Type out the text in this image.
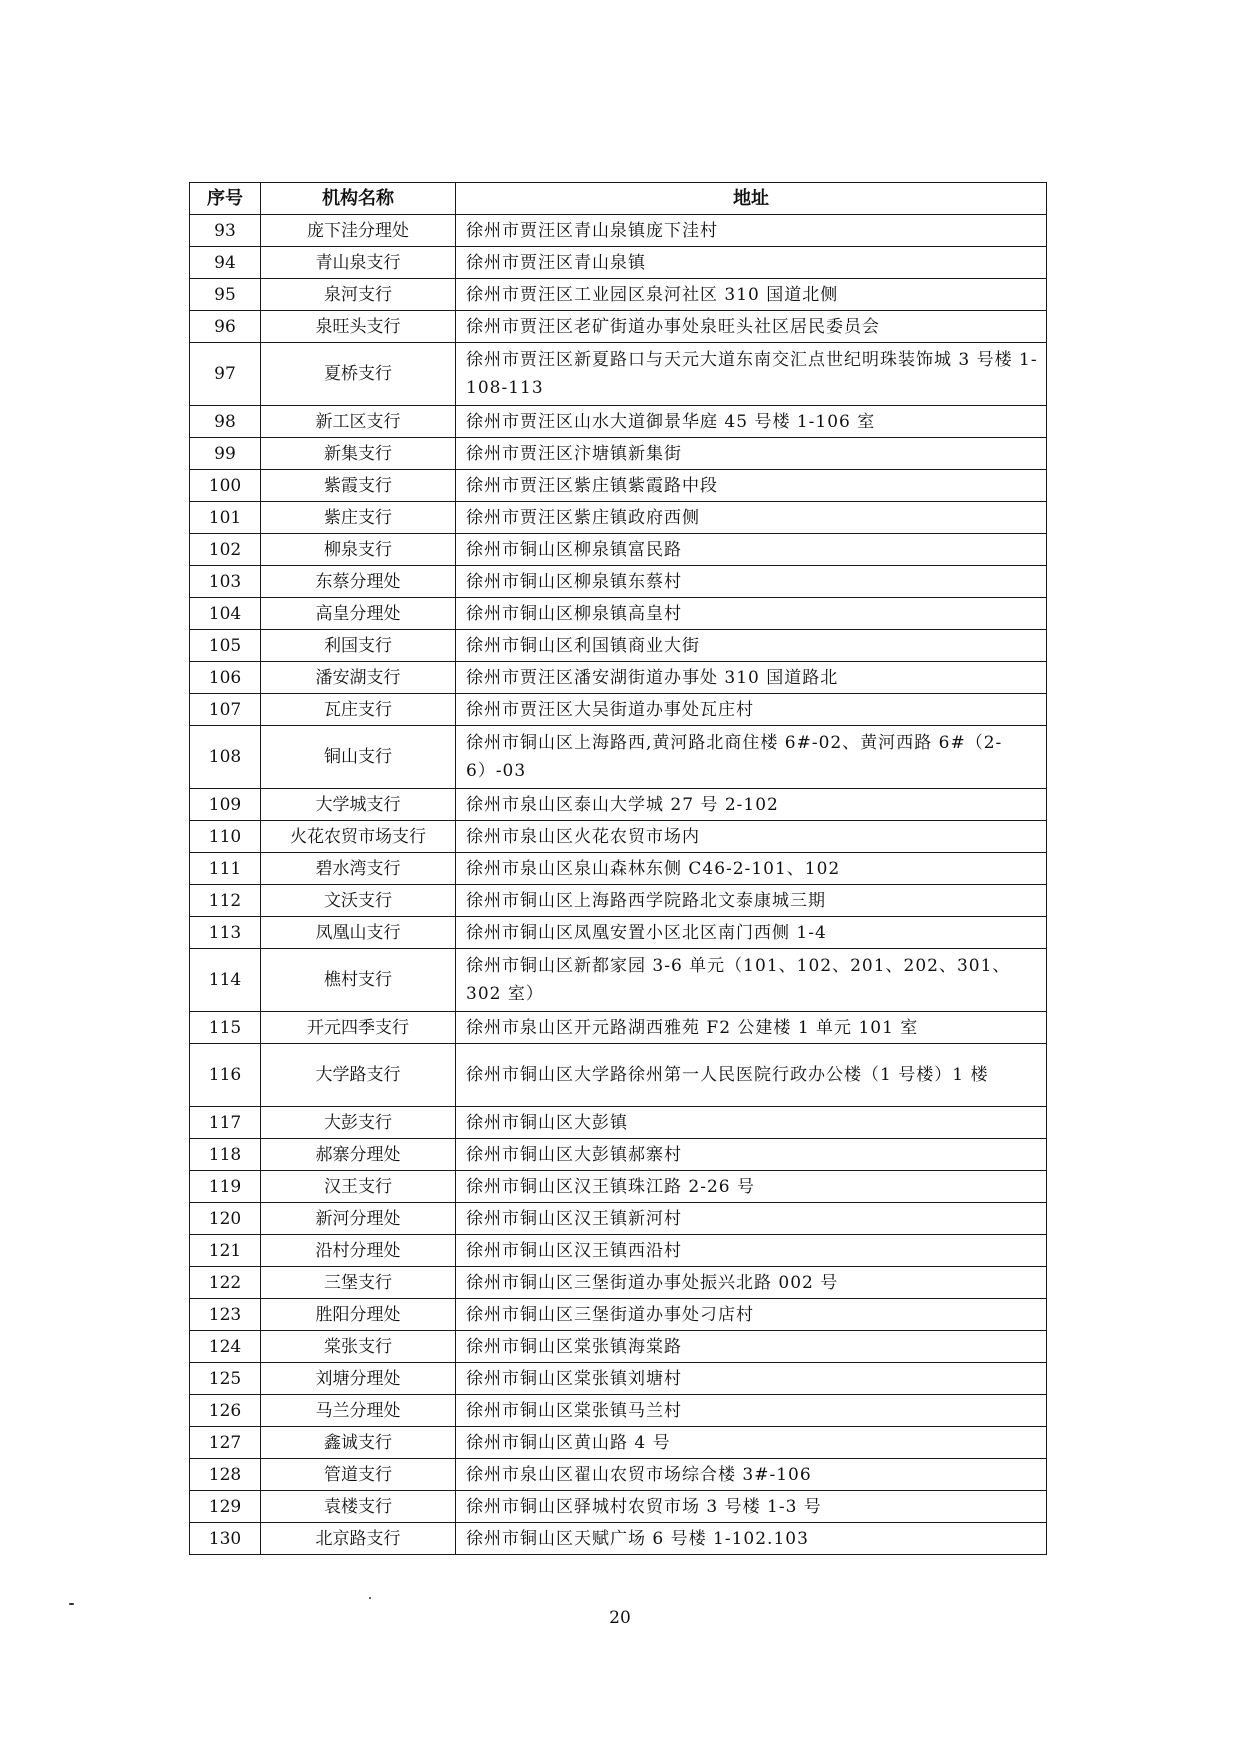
序号	机构名称	地址
93	庞下洼分理处	徐州市贾汪区青山泉镇庞下洼村
94	青山泉支行	徐州市贾汪区青山泉镇
95	泉河支行	徐州市贾汪区工业园区泉河社区 310 国道北侧
96	泉旺头支行	徐州市贾汪区老矿街道办事处泉旺头社区居民委员会
97	夏桥支行	徐州市贾汪区新夏路口与天元大道东南交汇点世纪明珠装饰城 3 号楼 1-108-113
98	新工区支行	徐州市贾汪区山水大道御景华庭 45 号楼 1-106 室
99	新集支行	徐州市贾汪区汴塘镇新集街
100	紫霞支行	徐州市贾汪区紫庄镇紫霞路中段
101	紫庄支行	徐州市贾汪区紫庄镇政府西侧
102	柳泉支行	徐州市铜山区柳泉镇富民路
103	东蔡分理处	徐州市铜山区柳泉镇东蔡村
104	高皇分理处	徐州市铜山区柳泉镇高皇村
105	利国支行	徐州市铜山区利国镇商业大街
106	潘安湖支行	徐州市贾汪区潘安湖街道办事处 310 国道路北
107	瓦庄支行	徐州市贾汪区大吴街道办事处瓦庄村
108	铜山支行	徐州市铜山区上海路西,黄河路北商住楼 6#-02、黄河西路 6#（2-6）-03
109	大学城支行	徐州市泉山区泰山大学城 27 号 2-102
110	火花农贸市场支行	徐州市泉山区火花农贸市场内
111	碧水湾支行	徐州市泉山区泉山森林东侧 C46-2-101、102
112	文沃支行	徐州市铜山区上海路西学院路北文泰康城三期
113	凤凰山支行	徐州市铜山区凤凰安置小区北区南门西侧 1-4
114	樵村支行	徐州市铜山区新都家园 3-6 单元（101、102、201、202、301、302 室）
115	开元四季支行	徐州市泉山区开元路湖西雅苑 F2 公建楼 1 单元 101 室
116	大学路支行	徐州市铜山区大学路徐州第一人民医院行政办公楼（1 号楼）1 楼
117	大彭支行	徐州市铜山区大彭镇
118	郝寨分理处	徐州市铜山区大彭镇郝寨村
119	汉王支行	徐州市铜山区汉王镇珠江路 2-26 号
120	新河分理处	徐州市铜山区汉王镇新河村
121	沿村分理处	徐州市铜山区汉王镇西沿村
122	三堡支行	徐州市铜山区三堡街道办事处振兴北路 002 号
123	胜阳分理处	徐州市铜山区三堡街道办事处刁店村
124	棠张支行	徐州市铜山区棠张镇海棠路
125	刘塘分理处	徐州市铜山区棠张镇刘塘村
126	马兰分理处	徐州市铜山区棠张镇马兰村
127	鑫诚支行	徐州市铜山区黄山路 4 号
128	管道支行	徐州市泉山区翟山农贸市场综合楼 3#-106
129	袁楼支行	徐州市铜山区驿城村农贸市场 3 号楼 1-3 号
130	北京路支行	徐州市铜山区天赋广场 6 号楼 1-102.103
20
